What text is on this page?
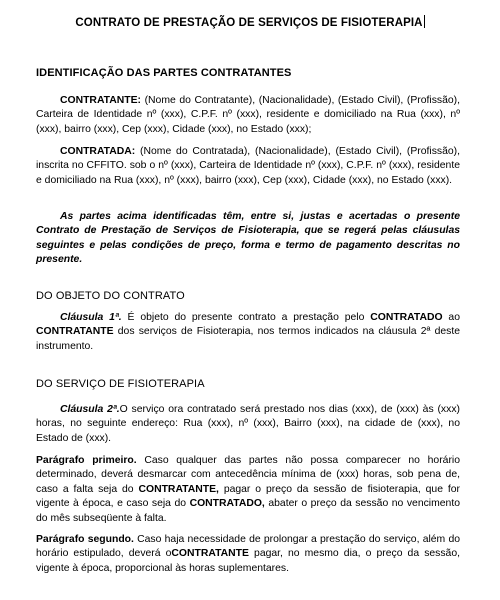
CONTRATO DE PRESTAÇÃO DE SERVIÇOS DE FISIOTERAPIA
IDENTIFICAÇÃO DAS PARTES CONTRATANTES
CONTRATANTE: (Nome do Contratante), (Nacionalidade), (Estado Civil), (Profissão), Carteira de Identidade nº (xxx), C.P.F. nº (xxx), residente e domiciliado na Rua (xxx), nº (xxx), bairro (xxx), Cep (xxx), Cidade (xxx), no Estado (xxx);
CONTRATADA: (Nome do Contratada), (Nacionalidade), (Estado Civil), (Profissão), inscrita no CFFITO. sob o nº (xxx), Carteira de Identidade nº (xxx), C.P.F. nº (xxx), residente e domiciliado na Rua (xxx), nº (xxx), bairro (xxx), Cep (xxx), Cidade (xxx), no Estado (xxx).
As partes acima identificadas têm, entre si, justas e acertadas o presente Contrato de Prestação de Serviços de Fisioterapia, que se regerá pelas cláusulas seguintes e pelas condições de preço, forma e termo de pagamento descritas no presente.
DO OBJETO DO CONTRATO
Cláusula 1ª. É objeto do presente contrato a prestação pelo CONTRATADO ao CONTRATANTE dos serviços de Fisioterapia, nos termos indicados na cláusula 2ª deste instrumento.
DO SERVIÇO DE FISIOTERAPIA
Cláusula 2ª.O serviço ora contratado será prestado nos dias (xxx), de (xxx) às (xxx) horas, no seguinte endereço: Rua (xxx), nº (xxx), Bairro (xxx), na cidade de (xxx), no Estado de (xxx).
Parágrafo primeiro. Caso qualquer das partes não possa comparecer no horário determinado, deverá desmarcar com antecedência mínima de (xxx) horas, sob pena de, caso a falta seja do CONTRATANTE, pagar o preço da sessão de fisioterapia, que for vigente à época, e caso seja do CONTRATADO, abater o preço da sessão no vencimento do mês subseqüente à falta.
Parágrafo segundo. Caso haja necessidade de prolongar a prestação do serviço, além do horário estipulado, deverá oCONTRATANTE pagar, no mesmo dia, o preço da sessão, vigente à época, proporcional às horas suplementares.
